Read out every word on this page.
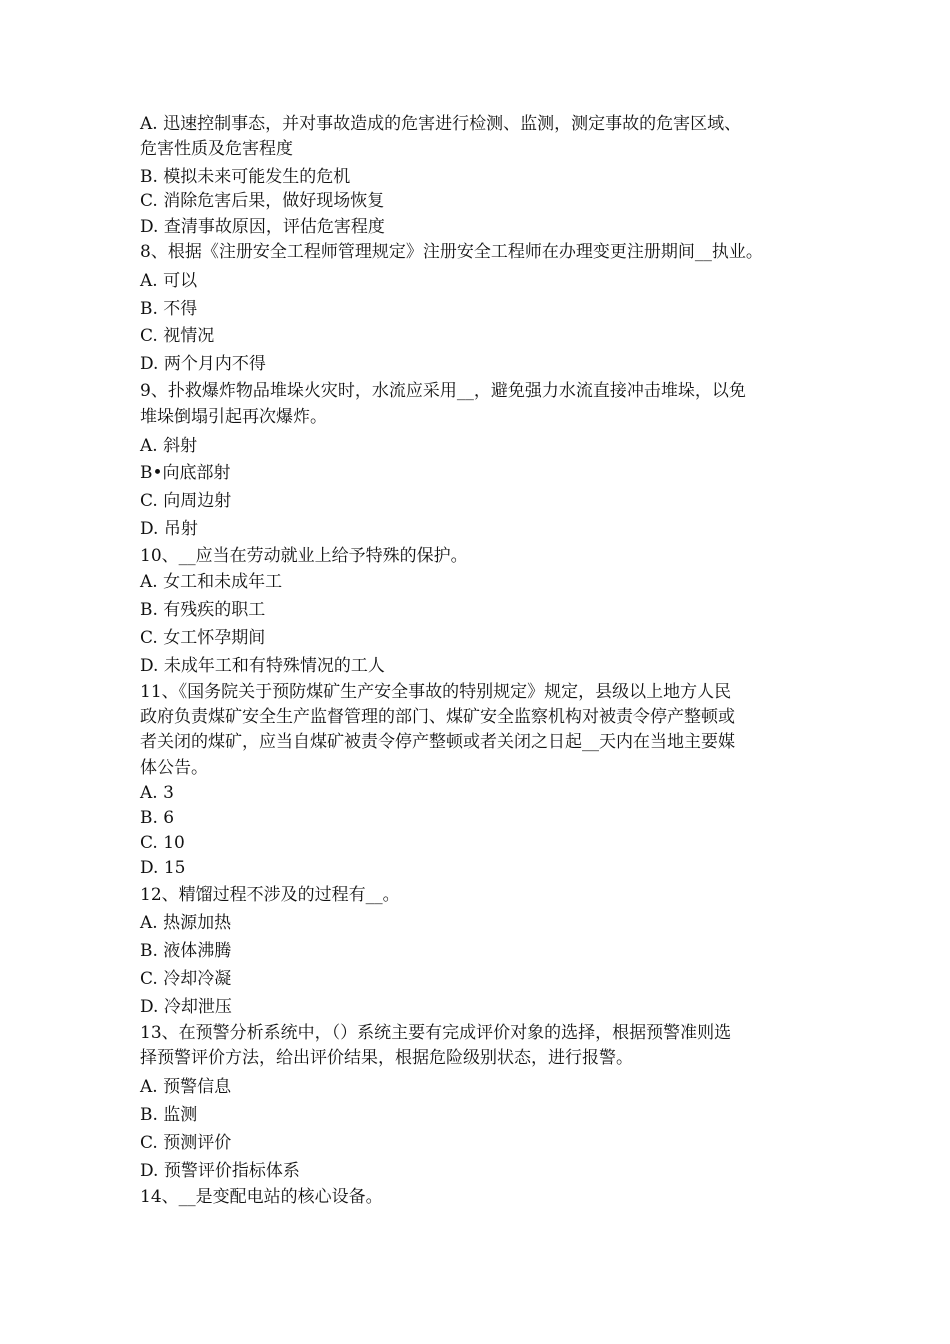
A. 迅速控制事态，并对事故造成的危害进行检测、监测，测定事故的危害区域、
危害性质及危害程度
B. 模拟未来可能发生的危机
C. 消除危害后果，做好现场恢复
D. 查清事故原因，评估危害程度
8、根据《注册安全工程师管理规定》注册安全工程师在办理变更注册期间__执业。
A. 可以
B. 不得
C. 视情况
D. 两个月内不得
9、扑救爆炸物品堆垛火灾时，水流应采用__，避免强力水流直接冲击堆垛，以免
堆垛倒塌引起再次爆炸。
A. 斜射
B•向底部射
C. 向周边射
D. 吊射
10、__应当在劳动就业上给予特殊的保护。
A. 女工和未成年工
B. 有残疾的职工
C. 女工怀孕期间
D. 未成年工和有特殊情况的工人
11、《国务院关于预防煤矿生产安全事故的特别规定》规定，县级以上地方人民
政府负责煤矿安全生产监督管理的部门、煤矿安全监察机构对被责令停产整顿或
者关闭的煤矿，应当自煤矿被责令停产整顿或者关闭之日起__天内在当地主要媒
体公告。
A. 3
B. 6
C. 10
D. 15
12、精馏过程不涉及的过程有__。
A. 热源加热
B. 液体沸腾
C. 冷却冷凝
D. 冷却泄压
13、在预警分析系统中，（）系统主要有完成评价对象的选择，根据预警准则选
择预警评价方法，给出评价结果，根据危险级别状态，进行报警。
A. 预警信息
B. 监测
C. 预测评价
D. 预警评价指标体系
14、__是变配电站的核心设备。
